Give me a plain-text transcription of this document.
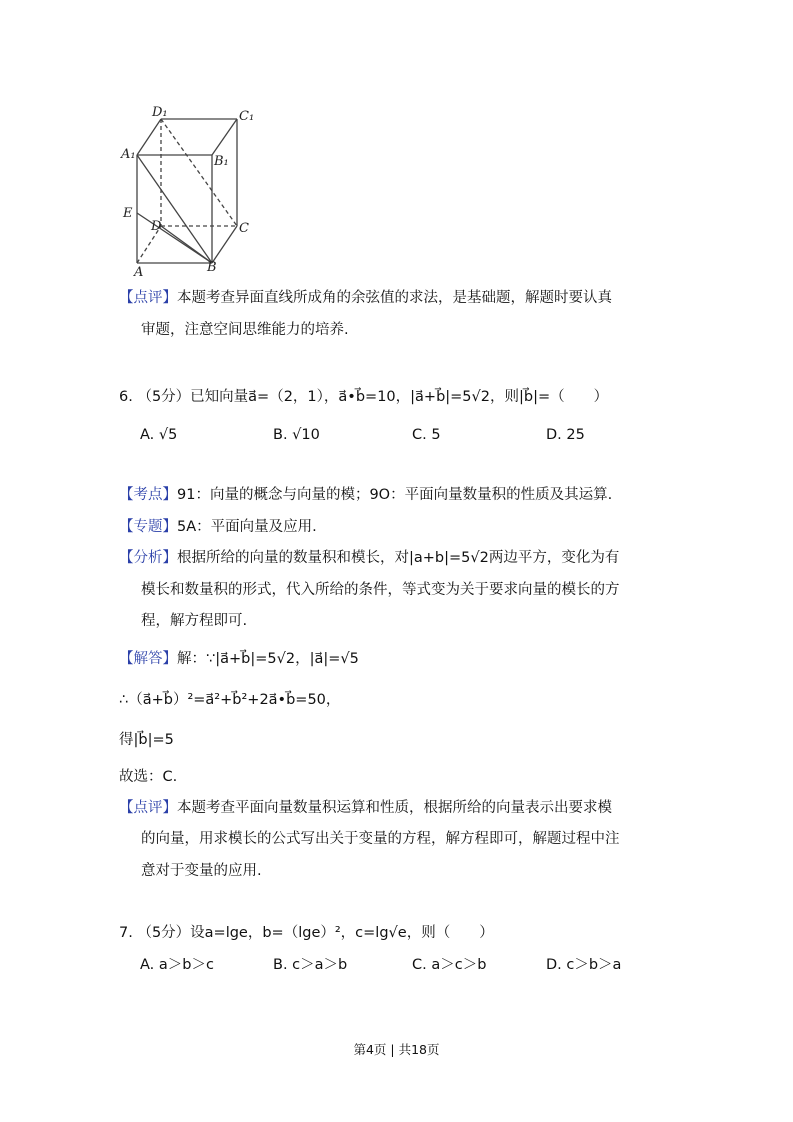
D₁	C₁
A₁	B₁
E
D	C
A	B
【点评】本题考查异面直线所成角的余弦值的求法，是基础题，解题时要认真
审题，注意空间思维能力的培养.
6. （5分）已知向量a⃗=（2，1），a⃗•b⃗=10，|a⃗+b⃗|=5√2，则|b⃗|=（　　）
A. √5	B. √10	C. 5	D. 25
【考点】91：向量的概念与向量的模；9O：平面向量数量积的性质及其运算.
【专题】5A：平面向量及应用.
【分析】根据所给的向量的数量积和模长，对|a+b|=5√2两边平方，变化为有
模长和数量积的形式，代入所给的条件，等式变为关于要求向量的模长的方
程，解方程即可.
【解答】解：∵|a⃗+b⃗|=5√2，|a⃗|=√5
∴（a⃗+b⃗）²=a⃗²+b⃗²+2a⃗•b⃗=50，
得|b⃗|=5
故选：C.
【点评】本题考查平面向量数量积运算和性质，根据所给的向量表示出要求模
的向量，用求模长的公式写出关于变量的方程，解方程即可，解题过程中注
意对于变量的应用.
7. （5分）设a=lge，b=（lge）²，c=lg√e，则（　　）
A. a＞b＞c	B. c＞a＞b	C. a＞c＞b	D. c＞b＞a
第4页 | 共18页
